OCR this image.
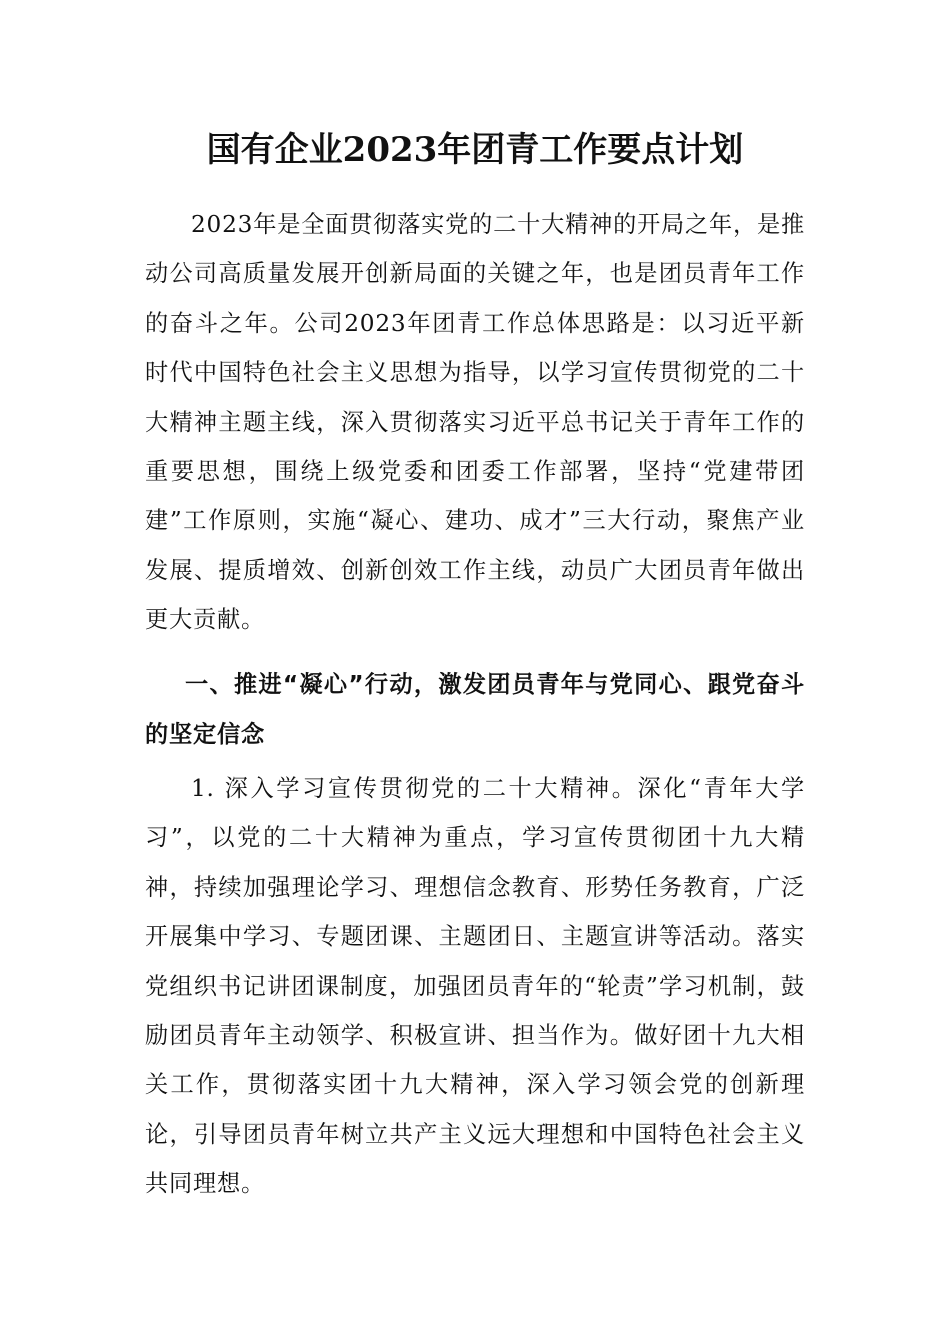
国有企业2023年团青工作要点计划

2023年是全面贯彻落实党的二十大精神的开局之年，是推动公司高质量发展开创新局面的关键之年，也是团员青年工作的奋斗之年。公司2023年团青工作总体思路是：以习近平新时代中国特色社会主义思想为指导，以学习宣传贯彻党的二十大精神主题主线，深入贯彻落实习近平总书记关于青年工作的重要思想，围绕上级党委和团委工作部署，坚持“党建带团建”工作原则，实施“凝心、建功、成才”三大行动，聚焦产业发展、提质增效、创新创效工作主线，动员广大团员青年做出更大贡献。

一、推进“凝心”行动，激发团员青年与党同心、跟党奋斗的坚定信念

1. 深入学习宣传贯彻党的二十大精神。深化“青年大学习”，以党的二十大精神为重点，学习宣传贯彻团十九大精神，持续加强理论学习、理想信念教育、形势任务教育，广泛开展集中学习、专题团课、主题团日、主题宣讲等活动。落实党组织书记讲团课制度，加强团员青年的“轮责”学习机制，鼓励团员青年主动领学、积极宣讲、担当作为。做好团十九大相关工作，贯彻落实团十九大精神，深入学习领会党的创新理论，引导团员青年树立共产主义远大理想和中国特色社会主义共同理想。
